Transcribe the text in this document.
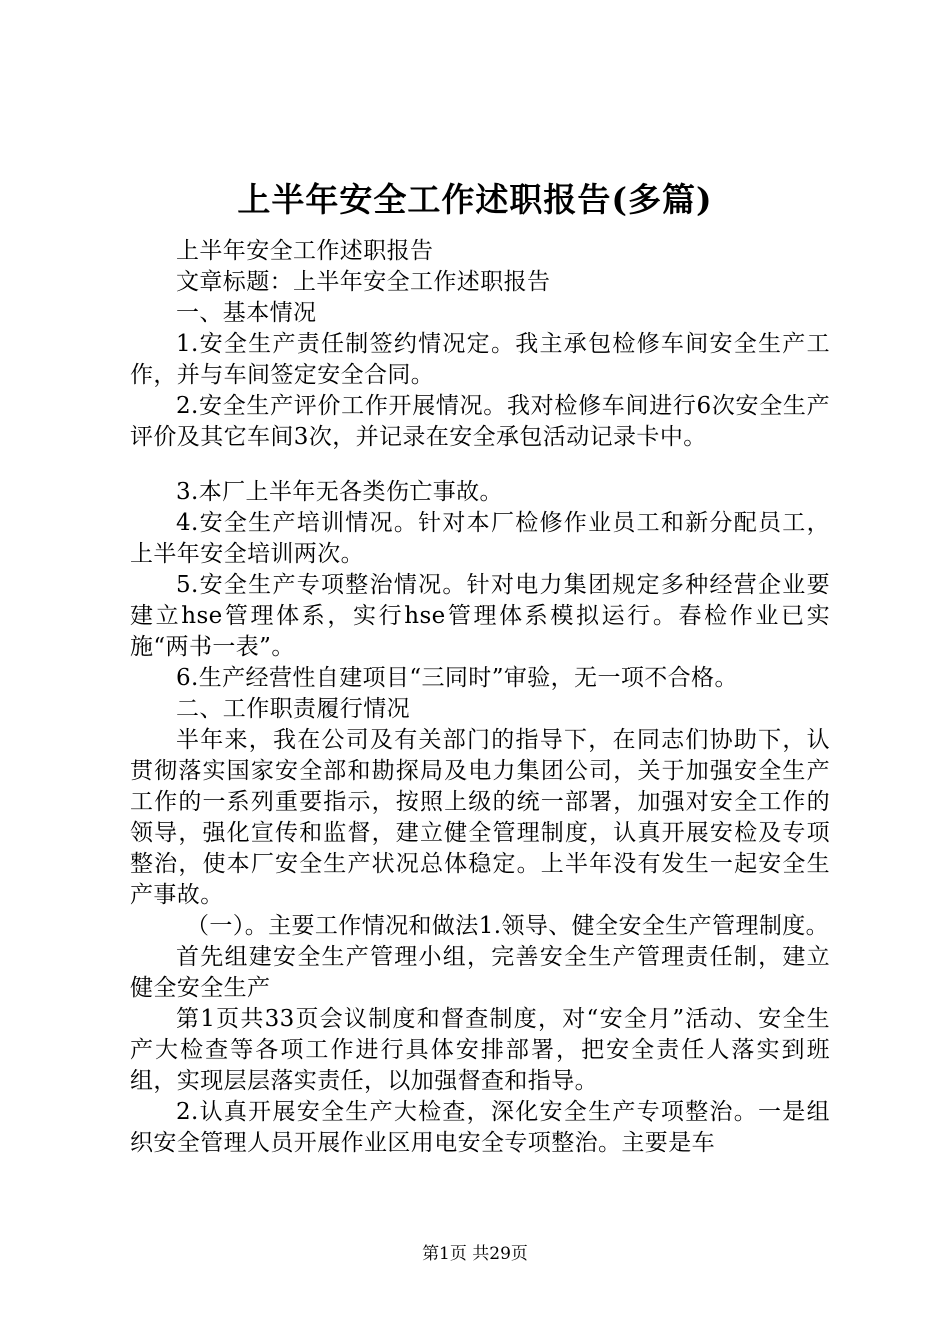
上半年安全工作述职报告(多篇)

上半年安全工作述职报告

文章标题：上半年安全工作述职报告

一、基本情况

1.安全生产责任制签约情况定。我主承包检修车间安全生产工作，并与车间签定安全合同。

2.安全生产评价工作开展情况。我对检修车间进行6次安全生产评价及其它车间3次，并记录在安全承包活动记录卡中。

3.本厂上半年无各类伤亡事故。

4.安全生产培训情况。针对本厂检修作业员工和新分配员工，上半年安全培训两次。

5.安全生产专项整治情况。针对电力集团规定多种经营企业要建立hse管理体系，实行hse管理体系模拟运行。春检作业已实施“两书一表”。

6.生产经营性自建项目“三同时”审验，无一项不合格。

二、工作职责履行情况

半年来，我在公司及有关部门的指导下，在同志们协助下，认贯彻落实国家安全部和勘探局及电力集团公司，关于加强安全生产工作的一系列重要指示，按照上级的统一部署，加强对安全工作的领导，强化宣传和监督，建立健全管理制度，认真开展安检及专项整治，使本厂安全生产状况总体稳定。上半年没有发生一起安全生产事故。

（一）。主要工作情况和做法1.领导、健全安全生产管理制度。

首先组建安全生产管理小组，完善安全生产管理责任制，建立健全安全生产

第1页共33页会议制度和督查制度，对“安全月”活动、安全生产大检查等各项工作进行具体安排部署，把安全责任人落实到班组，实现层层落实责任，以加强督查和指导。

2.认真开展安全生产大检查，深化安全生产专项整治。一是组织安全管理人员开展作业区用电安全专项整治。主要是车

第1页 共29页
